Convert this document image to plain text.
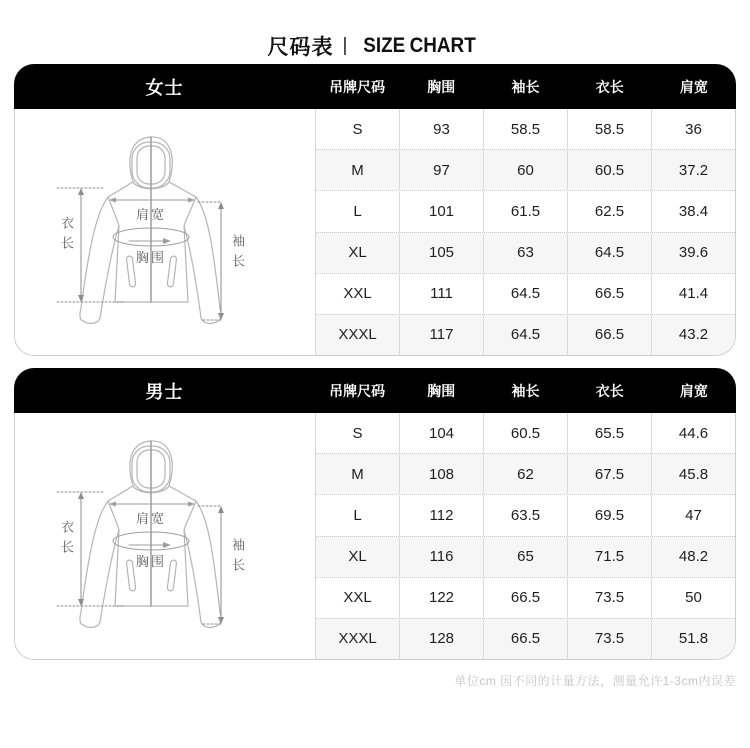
尺码表 | SIZE CHART
女士	吊牌尺码	胸围	袖长	衣长	肩宽
肩宽
胸围
衣长	袖长
S	93	58.5	58.5	36
M	97	60	60.5	37.2
L	101	61.5	62.5	38.4
XL	105	63	64.5	39.6
XXL	111	64.5	66.5	41.4
XXXL	117	64.5	66.5	43.2
男士	吊牌尺码	胸围	袖长	衣长	肩宽
肩宽
胸围
衣长	袖长
S	104	60.5	65.5	44.6
M	108	62	67.5	45.8
L	112	63.5	69.5	47
XL	116	65	71.5	48.2
XXL	122	66.5	73.5	50
XXXL	128	66.5	73.5	51.8
单位cm 因不同的计量方法，测量允许1-3cm内误差
